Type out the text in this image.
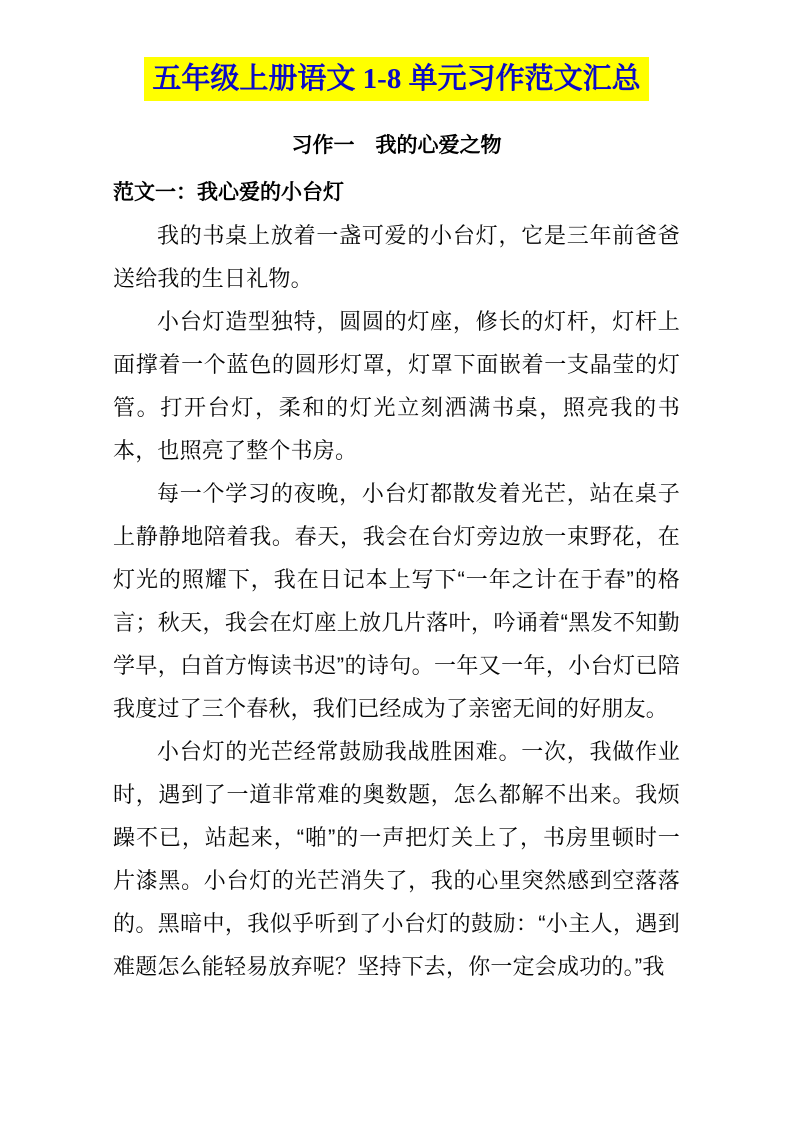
五年级上册语文 1-8 单元习作范文汇总
习作一　我的心爱之物
范文一：我心爱的小台灯

我的书桌上放着一盏可爱的小台灯，它是三年前爸爸送给我的生日礼物。

小台灯造型独特，圆圆的灯座，修长的灯杆，灯杆上面撑着一个蓝色的圆形灯罩，灯罩下面嵌着一支晶莹的灯管。打开台灯，柔和的灯光立刻洒满书桌，照亮我的书本，也照亮了整个书房。

每一个学习的夜晚，小台灯都散发着光芒，站在桌子上静静地陪着我。春天，我会在台灯旁边放一束野花，在灯光的照耀下，我在日记本上写下“一年之计在于春”的格言；秋天，我会在灯座上放几片落叶，吟诵着“黑发不知勤学早，白首方悔读书迟”的诗句。一年又一年，小台灯已陪我度过了三个春秋，我们已经成为了亲密无间的好朋友。

小台灯的光芒经常鼓励我战胜困难。一次，我做作业时，遇到了一道非常难的奥数题，怎么都解不出来。我烦躁不已，站起来，“啪”的一声把灯关上了，书房里顿时一片漆黑。小台灯的光芒消失了，我的心里突然感到空落落的。黑暗中，我似乎听到了小台灯的鼓励：“小主人，遇到难题怎么能轻易放弃呢？坚持下去，你一定会成功的。”我
